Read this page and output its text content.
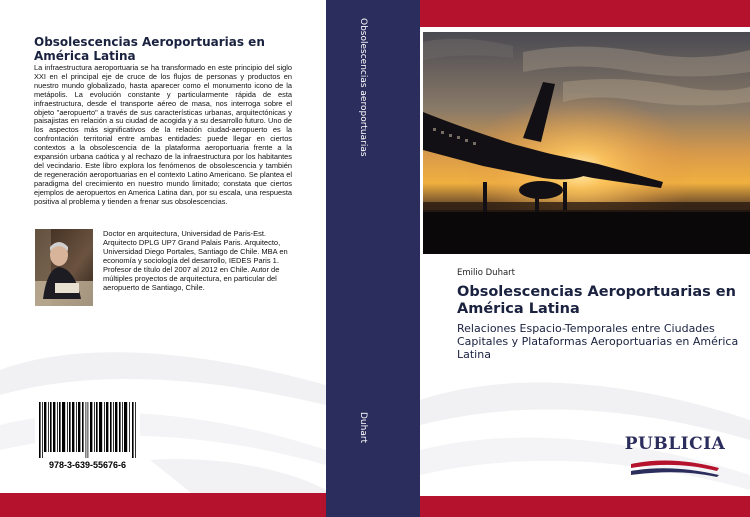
Obsolescencias Aeroportuarias en América Latina
La infraestructura aeroportuaria se ha transformado en este principio del siglo XXI en el principal eje de cruce de los flujos de personas y productos en nuestro mundo globalizado, hasta aparecer como el monumento icono de la metápolis. La evolución constante y particularmente rápida de esta infraestructura, desde el transporte aéreo de masa, nos interroga sobre el objeto "aeropuerto" a través de sus características urbanas, arquitectónicas y paisajistas en relación a su ciudad de acogida y a su desarrollo futuro. Uno de los aspectos más significativos de la relación ciudad-aeropuerto es la confrontación territorial entre ambas entidades: puede llegar en ciertos contextos a la obsolescencia de la plataforma aeroportuaria frente a la expansión urbana caótica y al rechazo de la infraestructura por los habitantes del vecindario. Este libro explora los fenómenos de obsolescencia y también de regeneración aeroportuarias en el contexto Latino Americano. Se plantea el paradigma del crecimiento en nuestro mundo limitado; constata que ciertos ejemplos de aeropuertos en America Latina dan, por su escala, una respuesta positiva al problema y tienden a frenar sus obsolescencias.
Doctor en arquitectura, Universidad de Paris-Est. Arquitecto DPLG UP7 Grand Palais Paris. Arquitecto, Universidad Diego Portales, Santiago de Chile. MBA en economía y sociología del desarrollo, IEDES Paris 1. Profesor de título del 2007 al 2012 en Chile. Autor de múltiples proyectos de arquitectura, en particular del aeropuerto de Santiago, Chile.
978-3-639-55676-6
Obsolescencias aeroportuarias
Duhart
Emilio Duhart
Obsolescencias Aeroportuarias en América Latina
Relaciones Espacio-Temporales entre Ciudades Capitales y Plataformas Aeroportuarias en América Latina
PUBLICIA
